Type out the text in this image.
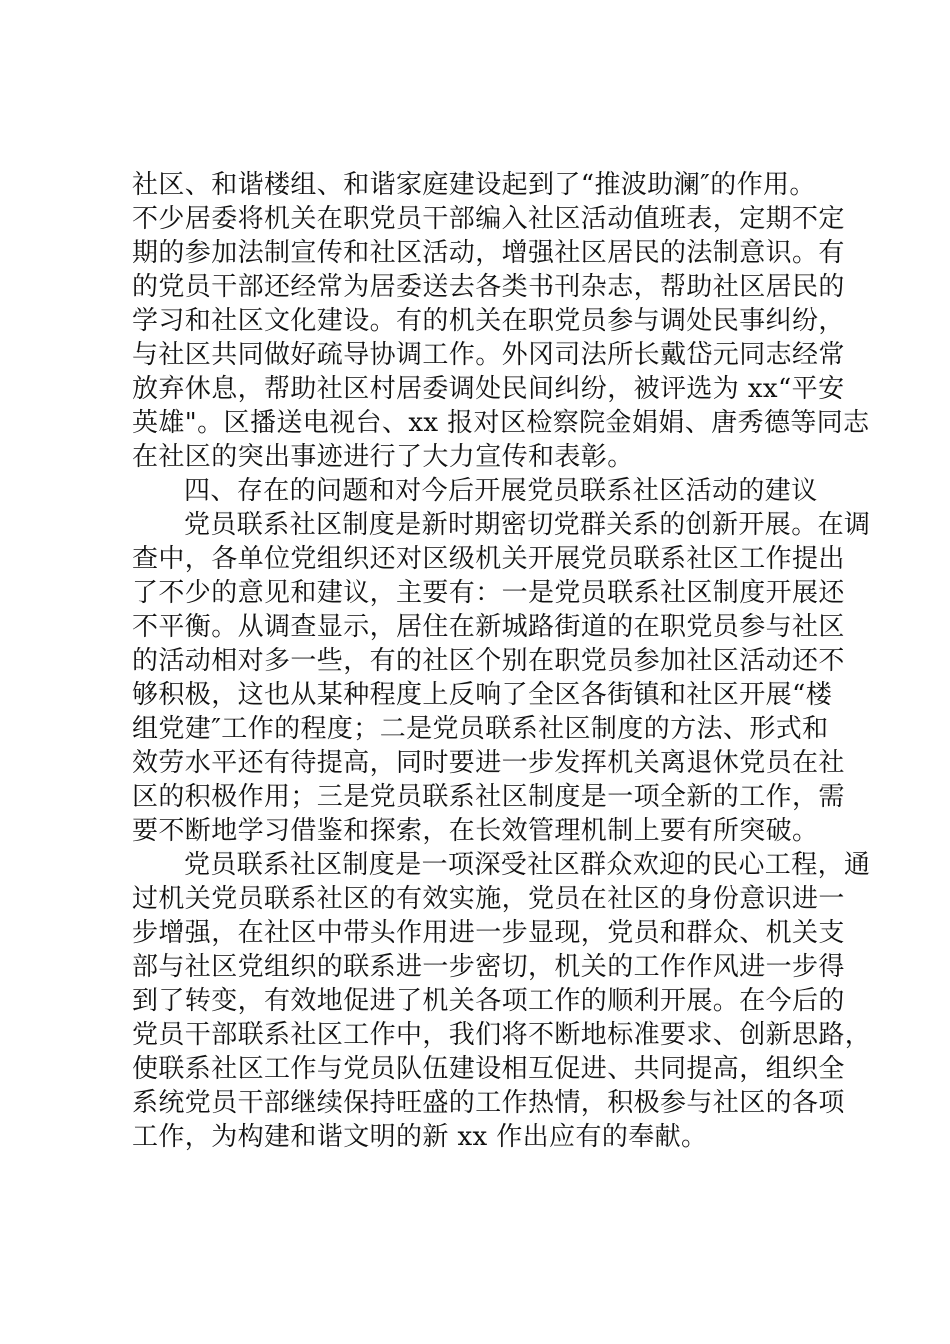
社区、和谐楼组、和谐家庭建设起到了“推波助澜″的作用。
不少居委将机关在职党员干部编入社区活动值班表，定期不定
期的参加法制宣传和社区活动，增强社区居民的法制意识。有
的党员干部还经常为居委送去各类书刊杂志，帮助社区居民的
学习和社区文化建设。有的机关在职党员参与调处民事纠纷，
与社区共同做好疏导协调工作。外冈司法所长戴岱元同志经常
放弃休息，帮助社区村居委调处民间纠纷，被评选为 xx“平安
英雄"。区播送电视台、xx 报对区检察院金娟娟、唐秀德等同志
在社区的突出事迹进行了大力宣传和表彰。
四、存在的问题和对今后开展党员联系社区活动的建议
党员联系社区制度是新时期密切党群关系的创新开展。在调
查中，各单位党组织还对区级机关开展党员联系社区工作提出
了不少的意见和建议，主要有：一是党员联系社区制度开展还
不平衡。从调查显示，居住在新城路街道的在职党员参与社区
的活动相对多一些，有的社区个别在职党员参加社区活动还不
够积极，这也从某种程度上反响了全区各街镇和社区开展“楼
组党建″工作的程度；二是党员联系社区制度的方法、形式和
效劳水平还有待提高，同时要进一步发挥机关离退休党员在社
区的积极作用；三是党员联系社区制度是一项全新的工作，需
要不断地学习借鉴和探索，在长效管理机制上要有所突破。
党员联系社区制度是一项深受社区群众欢迎的民心工程，通
过机关党员联系社区的有效实施，党员在社区的身份意识进一
步增强，在社区中带头作用进一步显现，党员和群众、机关支
部与社区党组织的联系进一步密切，机关的工作作风进一步得
到了转变，有效地促进了机关各项工作的顺利开展。在今后的
党员干部联系社区工作中，我们将不断地标准要求、创新思路，
使联系社区工作与党员队伍建设相互促进、共同提高，组织全
系统党员干部继续保持旺盛的工作热情，积极参与社区的各项
工作，为构建和谐文明的新 xx 作出应有的奉献。
